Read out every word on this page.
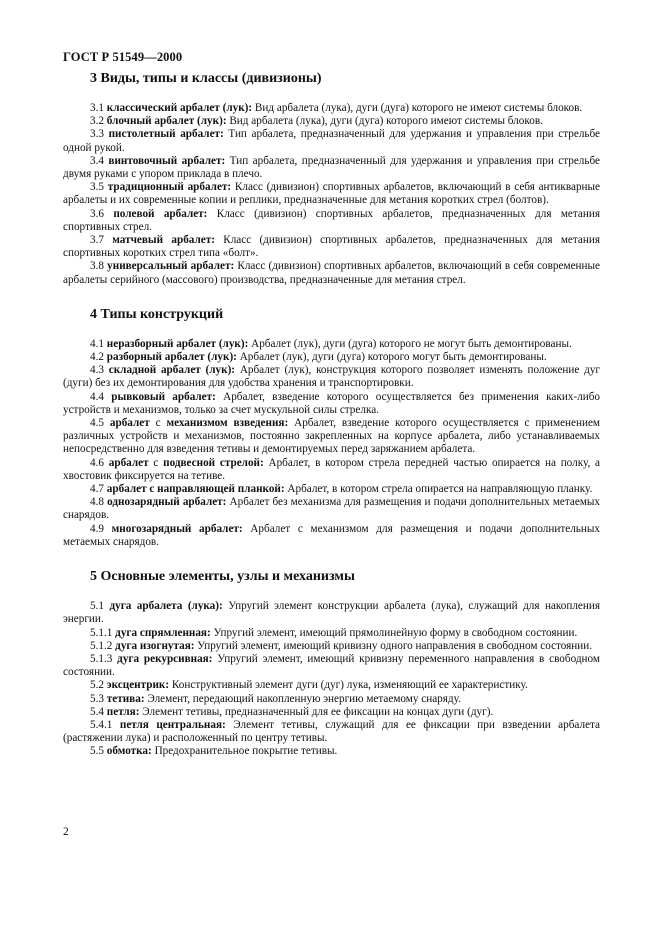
ГОСТ Р 51549—2000
3 Виды, типы и классы (дивизионы)

3.1 классический арбалет (лук): Вид арбалета (лука), дуги (дуга) которого не имеют системы блоков.

3.2 блочный арбалет (лук): Вид арбалета (лука), дуги (дуга) которого имеют системы блоков.

3.3 пистолетный арбалет: Тип арбалета, предназначенный для удержания и управления при стрельбе одной рукой.

3.4 винтовочный арбалет: Тип арбалета, предназначенный для удержания и управления при стрельбе двумя руками с упором приклада в плечо.

3.5 традиционный арбалет: Класс (дивизион) спортивных арбалетов, включающий в себя антикварные арбалеты и их современные копии и реплики, предназначенные для метания коротких стрел (болтов).

3.6 полевой арбалет: Класс (дивизион) спортивных арбалетов, предназначенных для метания спортивных стрел.

3.7 матчевый арбалет: Класс (дивизион) спортивных арбалетов, предназначенных для метания спортивных коротких стрел типа «болт».

3.8 универсальный арбалет: Класс (дивизион) спортивных арбалетов, включающий в себя современные арбалеты серийного (массового) производства, предназначенные для метания стрел.

4 Типы конструкций

4.1 неразборный арбалет (лук): Арбалет (лук), дуги (дуга) которого не могут быть демонтированы.

4.2 разборный арбалет (лук): Арбалет (лук), дуги (дуга) которого могут быть демонтированы.

4.3 складной арбалет (лук): Арбалет (лук), конструкция которого позволяет изменять положение дуг (дуги) без их демонтирования для удобства хранения и транспортировки.

4.4 рывковый арбалет: Арбалет, взведение которого осуществляется без применения каких-либо устройств и механизмов, только за счет мускульной силы стрелка.

4.5 арбалет с механизмом взведения: Арбалет, взведение которого осуществляется с применением различных устройств и механизмов, постоянно закрепленных на корпусе арбалета, либо устанавливаемых непосредственно для взведения тетивы и демонтируемых перед заряжанием арбалета.

4.6 арбалет с подвесной стрелой: Арбалет, в котором стрела передней частью опирается на полку, а хвостовик фиксируется на тетиве.

4.7 арбалет с направляющей планкой: Арбалет, в котором стрела опирается на направляющую планку.

4.8 однозарядный арбалет: Арбалет без механизма для размещения и подачи дополнительных метаемых снарядов.

4.9 многозарядный арбалет: Арбалет с механизмом для размещения и подачи дополнительных метаемых снарядов.

5 Основные элементы, узлы и механизмы

5.1 дуга арбалета (лука): Упругий элемент конструкции арбалета (лука), служащий для накопления энергии.

5.1.1 дуга спрямленная: Упругий элемент, имеющий прямолинейную форму в свободном состоянии.

5.1.2 дуга изогнутая: Упругий элемент, имеющий кривизну одного направления в свободном состоянии.

5.1.3 дуга рекурсивная: Упругий элемент, имеющий кривизну переменного направления в свободном состоянии.

5.2 эксцентрик: Конструктивный элемент дуги (дуг) лука, изменяющий ее характеристику.

5.3 тетива: Элемент, передающий накопленную энергию метаемому снаряду.

5.4 петля: Элемент тетивы, предназначенный для ее фиксации на концах дуги (дуг).

5.4.1 петля центральная: Элемент тетивы, служащий для ее фиксации при взведении арбалета (растяжении лука) и расположенный по центру тетивы.

5.5 обмотка: Предохранительное покрытие тетивы.

2
